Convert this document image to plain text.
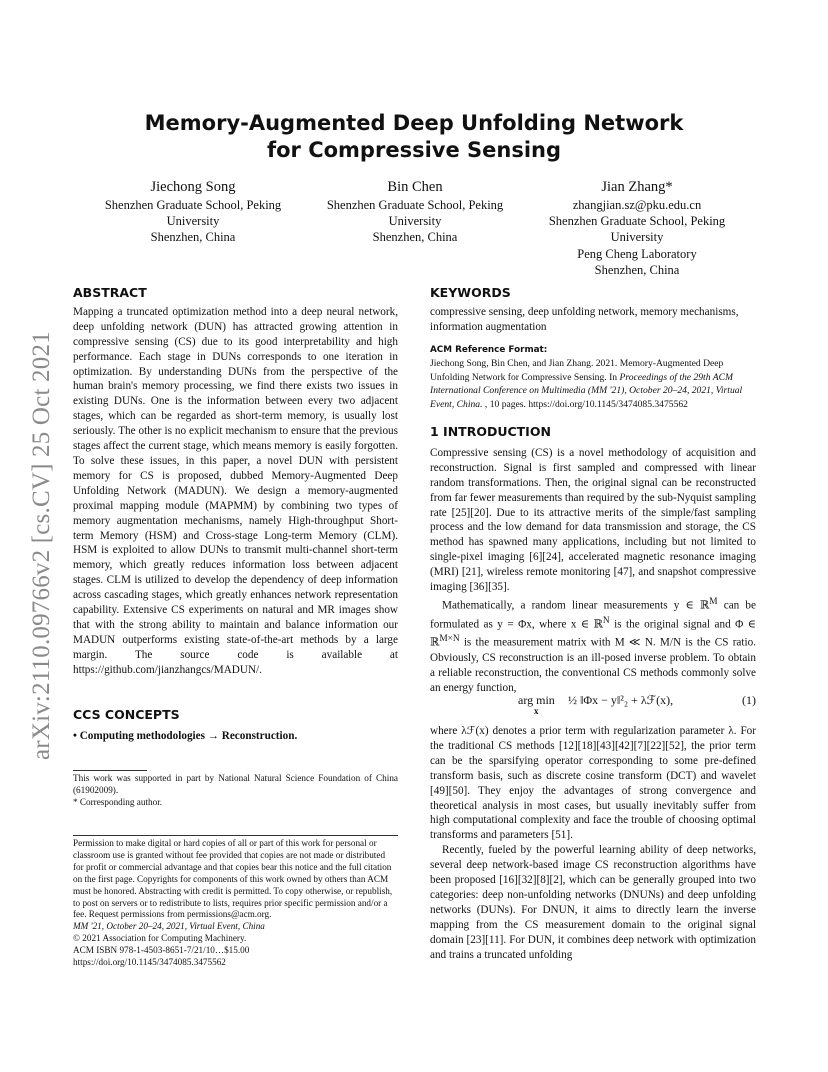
arXiv:2110.09766v2 [cs.CV] 25 Oct 2021
Memory-Augmented Deep Unfolding Network
for Compressive Sensing
Jiechong Song
Shenzhen Graduate School, Peking
University
Shenzhen, China
Bin Chen
Shenzhen Graduate School, Peking
University
Shenzhen, China
Jian Zhang*
zhangjian.sz@pku.edu.cn
Shenzhen Graduate School, Peking
University
Peng Cheng Laboratory
Shenzhen, China

ABSTRACT

Mapping a truncated optimization method into a deep neural network, deep unfolding network (DUN) has attracted growing attention in compressive sensing (CS) due to its good interpretability and high performance. Each stage in DUNs corresponds to one iteration in optimization. By understanding DUNs from the perspective of the human brain's memory processing, we find there exists two issues in existing DUNs. One is the information between every two adjacent stages, which can be regarded as short-term memory, is usually lost seriously. The other is no explicit mechanism to ensure that the previous stages affect the current stage, which means memory is easily forgotten. To solve these issues, in this paper, a novel DUN with persistent memory for CS is proposed, dubbed Memory-Augmented Deep Unfolding Network (MADUN). We design a memory-augmented proximal mapping module (MAPMM) by combining two types of memory augmentation mechanisms, namely High-throughput Short-term Memory (HSM) and Cross-stage Long-term Memory (CLM). HSM is exploited to allow DUNs to transmit multi-channel short-term memory, which greatly reduces information loss between adjacent stages. CLM is utilized to develop the dependency of deep information across cascading stages, which greatly enhances network representation capability. Extensive CS experiments on natural and MR images show that with the strong ability to maintain and balance information our MADUN outperforms existing state-of-the-art methods by a large margin. The source code is available at https://github.com/jianzhangcs/MADUN/.

CCS CONCEPTS

• Computing methodologies → Reconstruction.

This work was supported in part by National Natural Science Foundation of China (61902009).

* Corresponding author.

Permission to make digital or hard copies of all or part of this work for personal or classroom use is granted without fee provided that copies are not made or distributed for profit or commercial advantage and that copies bear this notice and the full citation on the first page. Copyrights for components of this work owned by others than ACM must be honored. Abstracting with credit is permitted. To copy otherwise, or republish, to post on servers or to redistribute to lists, requires prior specific permission and/or a fee. Request permissions from permissions@acm.org.

MM '21, October 20–24, 2021, Virtual Event, China

© 2021 Association for Computing Machinery.

ACM ISBN 978-1-4503-8651-7/21/10…$15.00

https://doi.org/10.1145/3474085.3475562

KEYWORDS

compressive sensing, deep unfolding network, memory mechanisms, information augmentation

ACM Reference Format:

Jiechong Song, Bin Chen, and Jian Zhang. 2021. Memory-Augmented Deep Unfolding Network for Compressive Sensing. In Proceedings of the 29th ACM International Conference on Multimedia (MM '21), October 20–24, 2021, Virtual Event, China. , 10 pages. https://doi.org/10.1145/3474085.3475562

1 INTRODUCTION

Compressive sensing (CS) is a novel methodology of acquisition and reconstruction. Signal is first sampled and compressed with linear random transformations. Then, the original signal can be reconstructed from far fewer measurements than required by the sub-Nyquist sampling rate [25][20]. Due to its attractive merits of the simple/fast sampling process and the low demand for data transmission and storage, the CS method has spawned many applications, including but not limited to single-pixel imaging [6][24], accelerated magnetic resonance imaging (MRI) [21], wireless remote monitoring [47], and snapshot compressive imaging [36][35].

Mathematically, a random linear measurements y ∈ ℝ$^M$ can be formulated as y = Φx, where x ∈ ℝ$^N$ is the original signal and Φ ∈ ℝ$^{M\times N}$ is the measurement matrix with M ≪ N. M/N is the CS ratio. Obviously, CS reconstruction is an ill-posed inverse problem. To obtain a reliable reconstruction, the conventional CS methods commonly solve an energy function,

arg min
x
½ ‖Φx − y‖²₂ + λℱ(x),	(1)

where λℱ(x) denotes a prior term with regularization parameter λ. For the traditional CS methods [12][18][43][42][7][22][52], the prior term can be the sparsifying operator corresponding to some pre-defined transform basis, such as discrete cosine transform (DCT) and wavelet [49][50]. They enjoy the advantages of strong convergence and theoretical analysis in most cases, but usually inevitably suffer from high computational complexity and face the trouble of choosing optimal transforms and parameters [51].

Recently, fueled by the powerful learning ability of deep networks, several deep network-based image CS reconstruction algorithms have been proposed [16][32][8][2], which can be generally grouped into two categories: deep non-unfolding networks (DNUNs) and deep unfolding networks (DUNs). For DNUN, it aims to directly learn the inverse mapping from the CS measurement domain to the original signal domain [23][11]. For DUN, it combines deep network with optimization and trains a truncated unfolding
